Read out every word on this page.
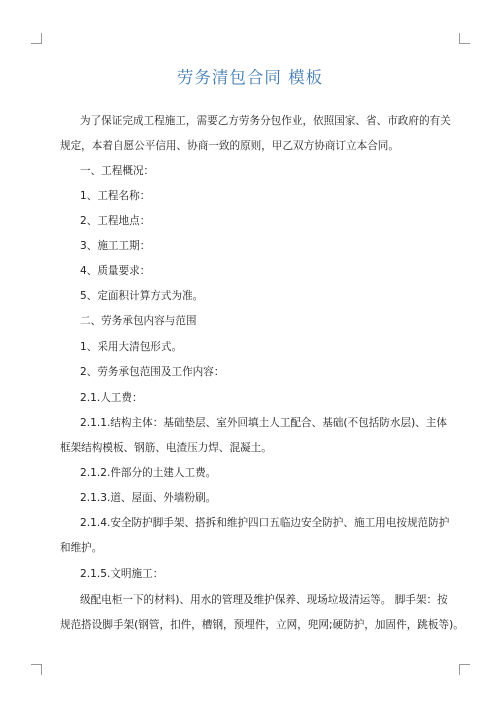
劳务清包合同 模板
为了保证完成工程施工，需要乙方劳务分包作业，依照国家、省、市政府的有关
规定，本着自愿公平信用、协商一致的原则，甲乙双方协商订立本合同。
一、工程概况：
1、工程名称：
2、工程地点：
3、施工工期：
4、质量要求：
5、定面积计算方式为准。
二、劳务承包内容与范围
1、采用大清包形式。
2、劳务承包范围及工作内容：
2.1.人工费：
2.1.1.结构主体：基础垫层、室外回填土人工配合、基础(不包括防水层)、主体
框架结构模板、钢筋、电渣压力焊、混凝土。
2.1.2.件部分的土建人工费。
2.1.3.道、屋面、外墙粉刷。
2.1.4.安全防护脚手架、搭拆和维护四口五临边安全防护、施工用电按规范防护
和维护。
2.1.5.文明施工：
级配电柜一下的材料)、用水的管理及维护保养、现场垃圾清运等。 脚手架：按
规范搭设脚手架(钢管，扣件，槽钢，预埋件，立网，兜网;硬防护，加固件，跳板等)。
